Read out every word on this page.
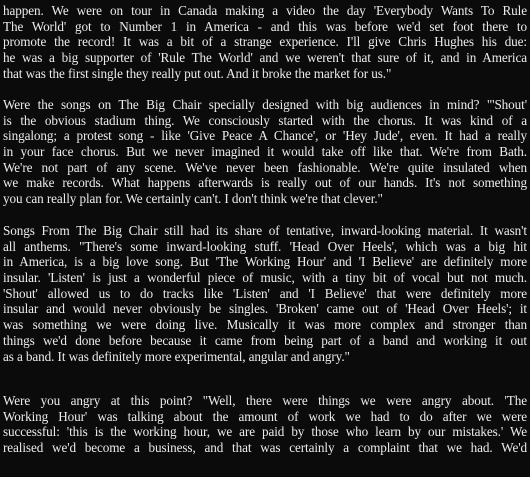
happen. We were on tour in Canada making a video the day 'Everybody Wants To Rule
The World' got to Number 1 in America - and this was before we'd set foot there to
promote the record! It was a bit of a strange experience. I'll give Chris Hughes his due:
he was a big supporter of 'Rule The World' and we weren't that sure of it, and in America
that was the first single they really put out. And it broke the market for us."
Were the songs on The Big Chair specially designed with big audiences in mind? "'Shout'
is the obvious stadium thing. We consciously started with the chorus. It was kind of a
singalong; a protest song - like 'Give Peace A Chance', or 'Hey Jude', even. It had a really
in your face chorus. But we never imagined it would take off like that. We're from Bath.
We're not part of any scene. We've never been fashionable. We're quite insulated when
we make records. What happens afterwards is really out of our hands. It's not something
you can really plan for. We certainly can't. I don't think we're that clever."
Songs From The Big Chair still had its share of tentative, inward-looking material. It wasn't
all anthems. "There's some inward-looking stuff. 'Head Over Heels', which was a big hit
in America, is a big love song. But 'The Working Hour' and 'I Believe' are definitely more
insular. 'Listen' is just a wonderful piece of music, with a tiny bit of vocal but not much.
'Shout' allowed us to do tracks like 'Listen' and 'I Believe' that were definitely more
insular and would never obviously be singles. 'Broken' came out of 'Head Over Heels'; it
was something we were doing live. Musically it was more complex and stronger than
things we'd done before because it came from being part of a band and working it out
as a band. It was definitely more experimental, angular and angry."
Were you angry at this point? "Well, there were things we were angry about. 'The
Working Hour' was talking about the amount of work we had to do after we were
successful: 'this is the working hour, we are paid by those who learn by our mistakes.' We
realised we'd become a business, and that was certainly a complaint that we had. We'd
